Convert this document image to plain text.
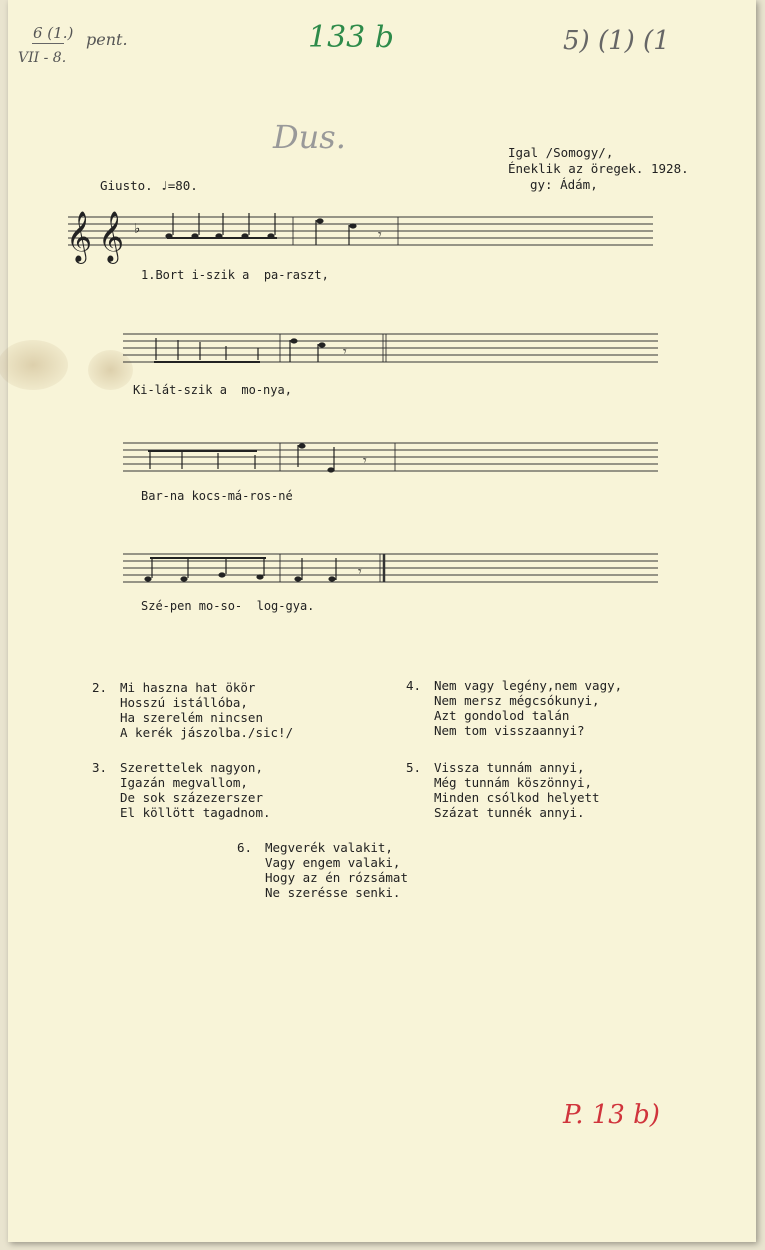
6 (1.)
VII - 8.
pent.	133 b	5) (1) (1
Dus.
Giusto. ♩=80.
Igal /Somogy/,
Éneklik az öregek. 1928.
gy: Ádám,
𝄞 𝄞 ♭	𝄾
1.Bort i-szik a  pa-raszt,
𝄾
Ki-lát-szik a  mo-nya,
𝄾
Bar-na kocs-má-ros-né
𝄾
Szé-pen mo-so-  log-gya.
2. Mi haszna hat ökör
Hosszú istállóba,
Ha szerelém nincsen
A kerék jászolba./sic!/
3. Szerettelek nagyon,
Igazán megvallom,
De sok százezerszer
El köllött tagadnom.
4. Nem vagy legény,nem vagy,
Nem mersz mégcsókunyi,
Azt gondolod talán
Nem tom visszaannyi?
5. Vissza tunnám annyi,
Még tunnám köszönnyi,
Minden csólkod helyett
Százat tunnék annyi.
6. Megverék valakit,
Vagy engem valaki,
Hogy az én rózsámat
Ne szerésse senki.
P. 13 b)
